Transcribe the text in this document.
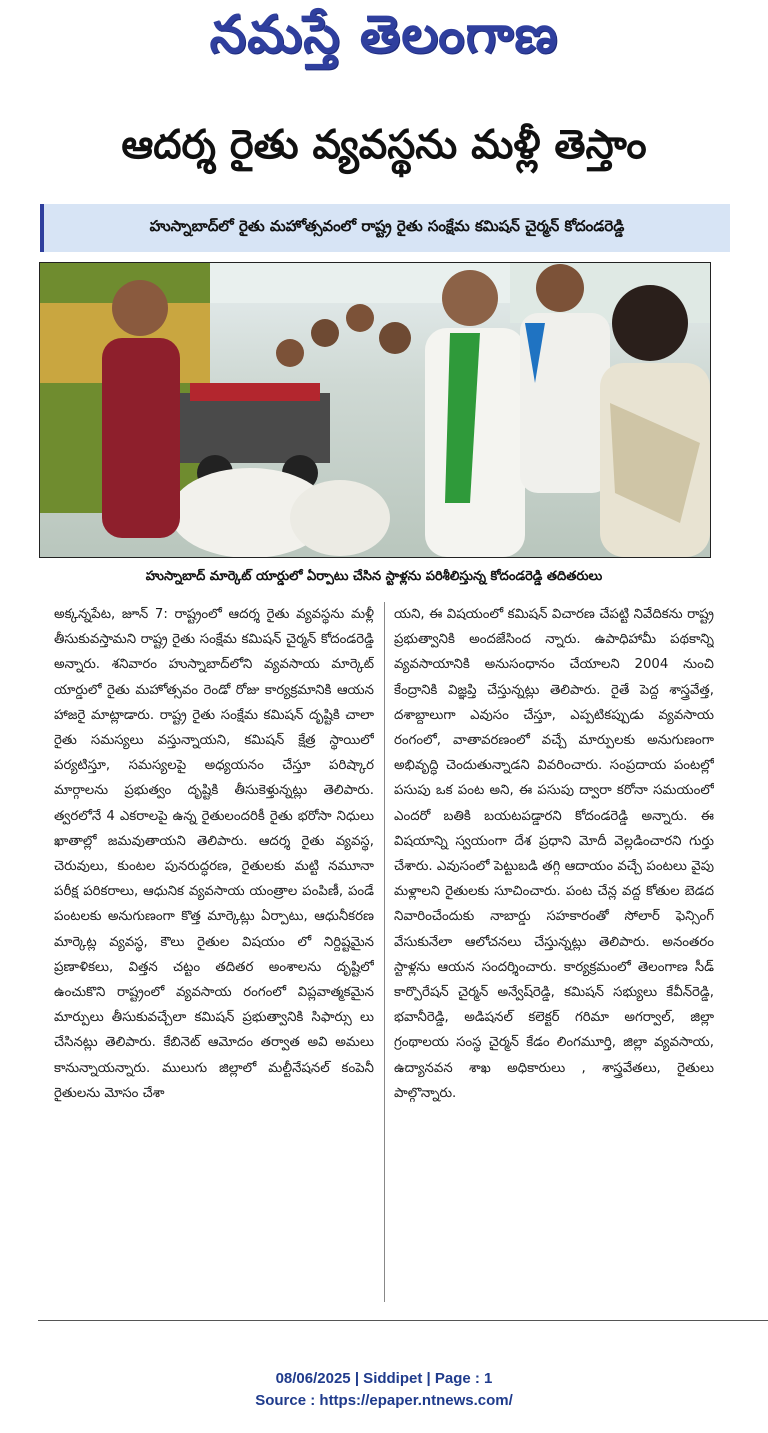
నమస్తే తెలంగాణ
ఆదర్శ రైతు వ్యవస్థను మళ్లీ తెస్తాం
హుస్నాబాద్‌లో రైతు మహోత్సవంలో రాష్ట్ర రైతు సంక్షేమ కమిషన్ చైర్మన్ కోదండరెడ్డి
హుస్నాబాద్ మార్కెట్ యార్డులో ఏర్పాటు చేసిన స్టాళ్లను పరిశీలిస్తున్న కోదండరెడ్డి తదితరులు
అక్కన్నపేట, జూన్ 7: రాష్ట్రంలో ఆదర్శ రైతు వ్యవస్థను మళ్లీ తీసుకువస్తామని రాష్ట్ర రైతు సంక్షేమ కమిషన్ చైర్మన్ కోదండరెడ్డి అన్నారు. శనివారం హుస్నాబాద్‌లోని వ్యవసాయ మార్కెట్ యార్డులో రైతు మహోత్సవం రెండో రోజు కార్యక్రమానికి ఆయన హాజరై మాట్లాడారు. రాష్ట్ర రైతు సంక్షేమ కమిషన్ దృష్టికి చాలా రైతు సమస్యలు వస్తున్నాయని, కమిషన్ క్షేత్ర స్థాయిలో పర్యటిస్తూ, సమస్యలపై అధ్యయనం చేస్తూ పరిష్కార మార్గాలను ప్రభుత్వం దృష్టికి తీసుకెళ్తున్నట్లు తెలిపారు. త్వరలోనే 4 ఎకరాలపై ఉన్న రైతులందరికీ రైతు భరోసా నిధులు ఖాతాల్లో జమవుతాయని తెలిపారు. ఆదర్శ రైతు వ్యవస్థ, చెరువులు, కుంటల పునరుద్ధరణ, రైతులకు మట్టి నమూనా పరీక్ష పరికరాలు, ఆధునిక వ్యవసాయ యంత్రాల పంపిణీ, పండే పంటలకు అనుగుణంగా కొత్త మార్కెట్లు ఏర్పాటు, ఆధునీకరణ మార్కెట్ల వ్యవస్థ, కౌలు రైతుల విషయం లో నిర్దిష్టమైన ప్రణాళికలు, విత్తన చట్టం తదితర అంశాలను దృష్టిలో ఉంచుకొని రాష్ట్రంలో వ్యవసాయ రంగంలో విప్లవాత్మకమైన మార్పులు తీసుకువచ్చేలా కమిషన్ ప్రభుత్వానికి సిఫార్సు లు చేసినట్లు తెలిపారు. కేబినెట్ ఆమోదం తర్వాత అవి అమలు కానున్నాయన్నారు. ములుగు జిల్లాలో మల్టీనేషనల్ కంపెనీ రైతులను మోసం చేశా
యని, ఈ విషయంలో కమిషన్ విచారణ చేపట్టి నివేదికను రాష్ట్ర ప్రభుత్వానికి అందజేసింద న్నారు. ఉపాధిహామీ పథకాన్ని వ్యవసాయానికి అనుసంధానం చేయాలని 2004 నుంచి కేంద్రానికి విజ్ఞప్తి చేస్తున్నట్లు తెలిపారు. రైతే పెద్ద శాస్త్రవేత్త, దశాబ్దాలుగా ఎవుసం చేస్తూ, ఎప్పటికప్పుడు వ్యవసాయ రంగంలో, వాతావరణంలో వచ్చే మార్పులకు అనుగుణంగా అభివృద్ధి చెందుతున్నాడని వివరించారు. సంప్రదాయ పంటల్లో పసుపు ఒక పంట అని, ఈ పసుపు ద్వారా కరోనా సమయంలో ఎందరో బతికి బయటపడ్డారని కోదండరెడ్డి అన్నారు. ఈ విషయాన్ని స్వయంగా దేశ ప్రధాని మోదీ వెల్లడించారని గుర్తు చేశారు. ఎవుసంలో పెట్టుబడి తగ్గి ఆదాయం వచ్చే పంటలు వైపు మళ్లాలని రైతులకు సూచించారు. పంట చేన్ల వద్ద కోతుల బెడద నివారించేందుకు నాబార్డు సహకారంతో సోలార్ ఫెన్సింగ్ వేసుకునేలా ఆలోచనలు చేస్తున్నట్లు తెలిపారు. అనంతరం స్టాళ్లను ఆయన సందర్శించారు. కార్యక్రమంలో తెలంగాణ సీడ్ కార్పొరేషన్ చైర్మన్ అన్వేష్‌రెడ్డి, కమిషన్ సభ్యులు కేవీన్‌రెడ్డి, భవానీరెడ్డి, అడిషనల్ కలెక్టర్ గరిమా అగర్వాల్, జిల్లా గ్రంథాలయ సంస్థ చైర్మన్ కేడం లింగమూర్తి, జిల్లా వ్యవసాయ, ఉద్యానవన శాఖ అధికారులు , శాస్త్రవేతలు, రైతులు పాల్గొన్నారు.
08/06/2025 | Siddipet | Page : 1
Source : https://epaper.ntnews.com/
